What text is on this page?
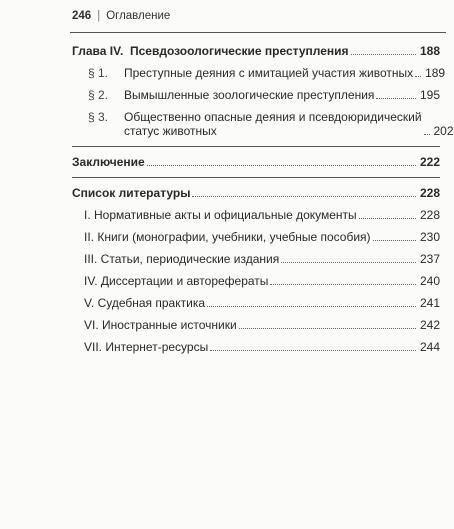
246 | Оглавление
Глава IV. Псевдозоологические преступления	188
§ 1. Преступные деяния с имитацией участия животных 189
§ 2. Вымышленные зоологические преступления	195
§ 3.	Общественно опасные деяния и псевдоюридический
статус животных	202
Заключение	222
Список литературы	228
I. Нормативные акты и официальные документы	228
II. Книги (монографии, учебники, учебные пособия)	230
III. Статьи, периодические издания	237
IV. Диссертации и авторефераты	240
V. Судебная практика	241
VI. Иностранные источники	242
VII. Интернет-ресурсы	244
